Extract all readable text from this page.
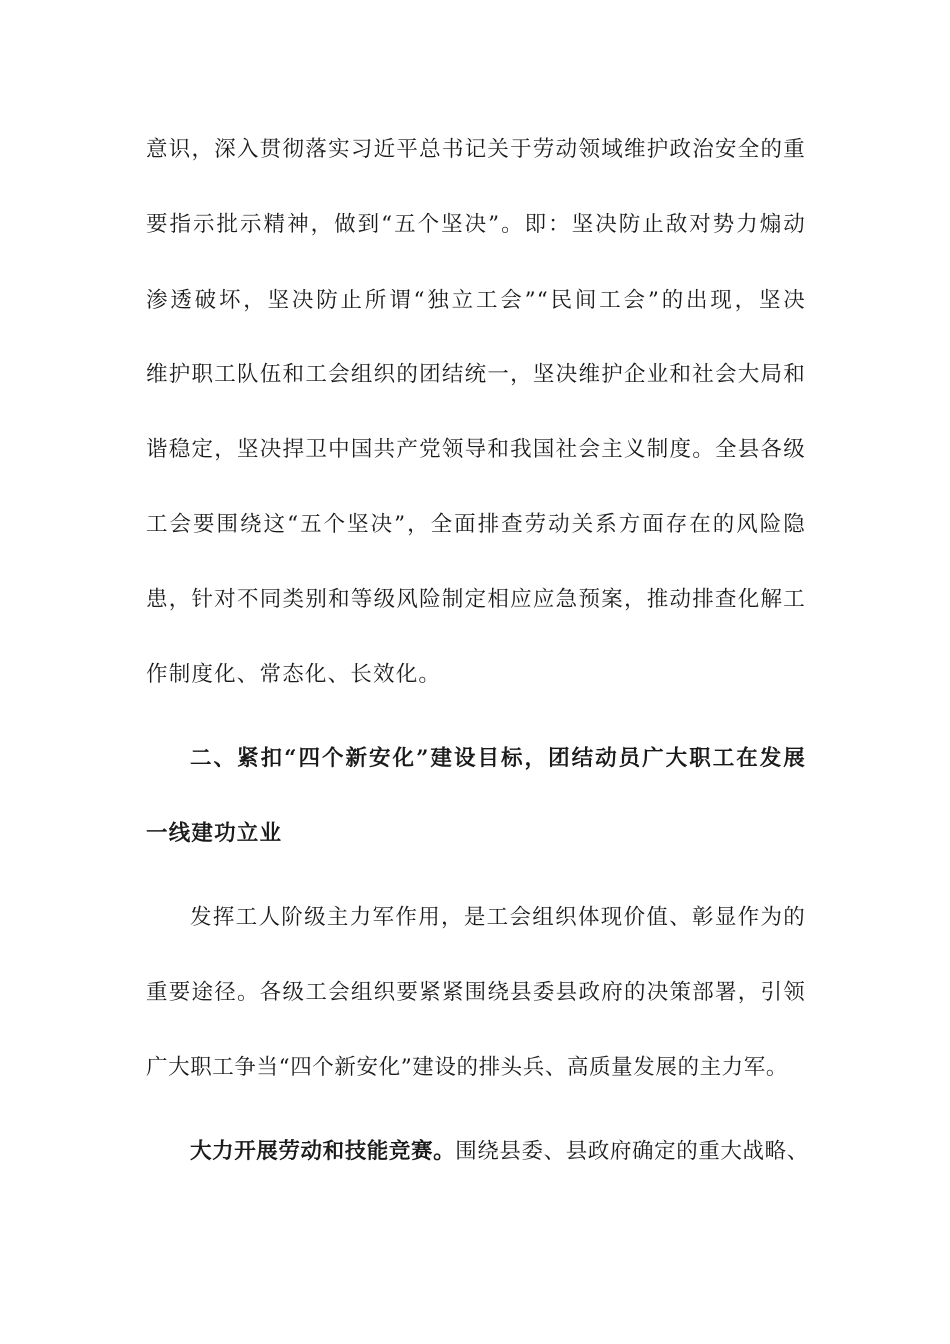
意识，深入贯彻落实习近平总书记关于劳动领域维护政治安全的重
要指示批示精神，做到“五个坚决”。即：坚决防止敌对势力煽动
渗透破坏，坚决防止所谓“独立工会”“民间工会”的出现，坚决
维护职工队伍和工会组织的团结统一，坚决维护企业和社会大局和
谐稳定，坚决捍卫中国共产党领导和我国社会主义制度。全县各级
工会要围绕这“五个坚决”，全面排查劳动关系方面存在的风险隐
患，针对不同类别和等级风险制定相应应急预案，推动排查化解工
作制度化、常态化、长效化。
二、紧扣“四个新安化”建设目标，团结动员广大职工在发展
一线建功立业
发挥工人阶级主力军作用，是工会组织体现价值、彰显作为的
重要途径。各级工会组织要紧紧围绕县委县政府的决策部署，引领
广大职工争当“四个新安化”建设的排头兵、高质量发展的主力军。
大力开展劳动和技能竞赛。围绕县委、县政府确定的重大战略、
